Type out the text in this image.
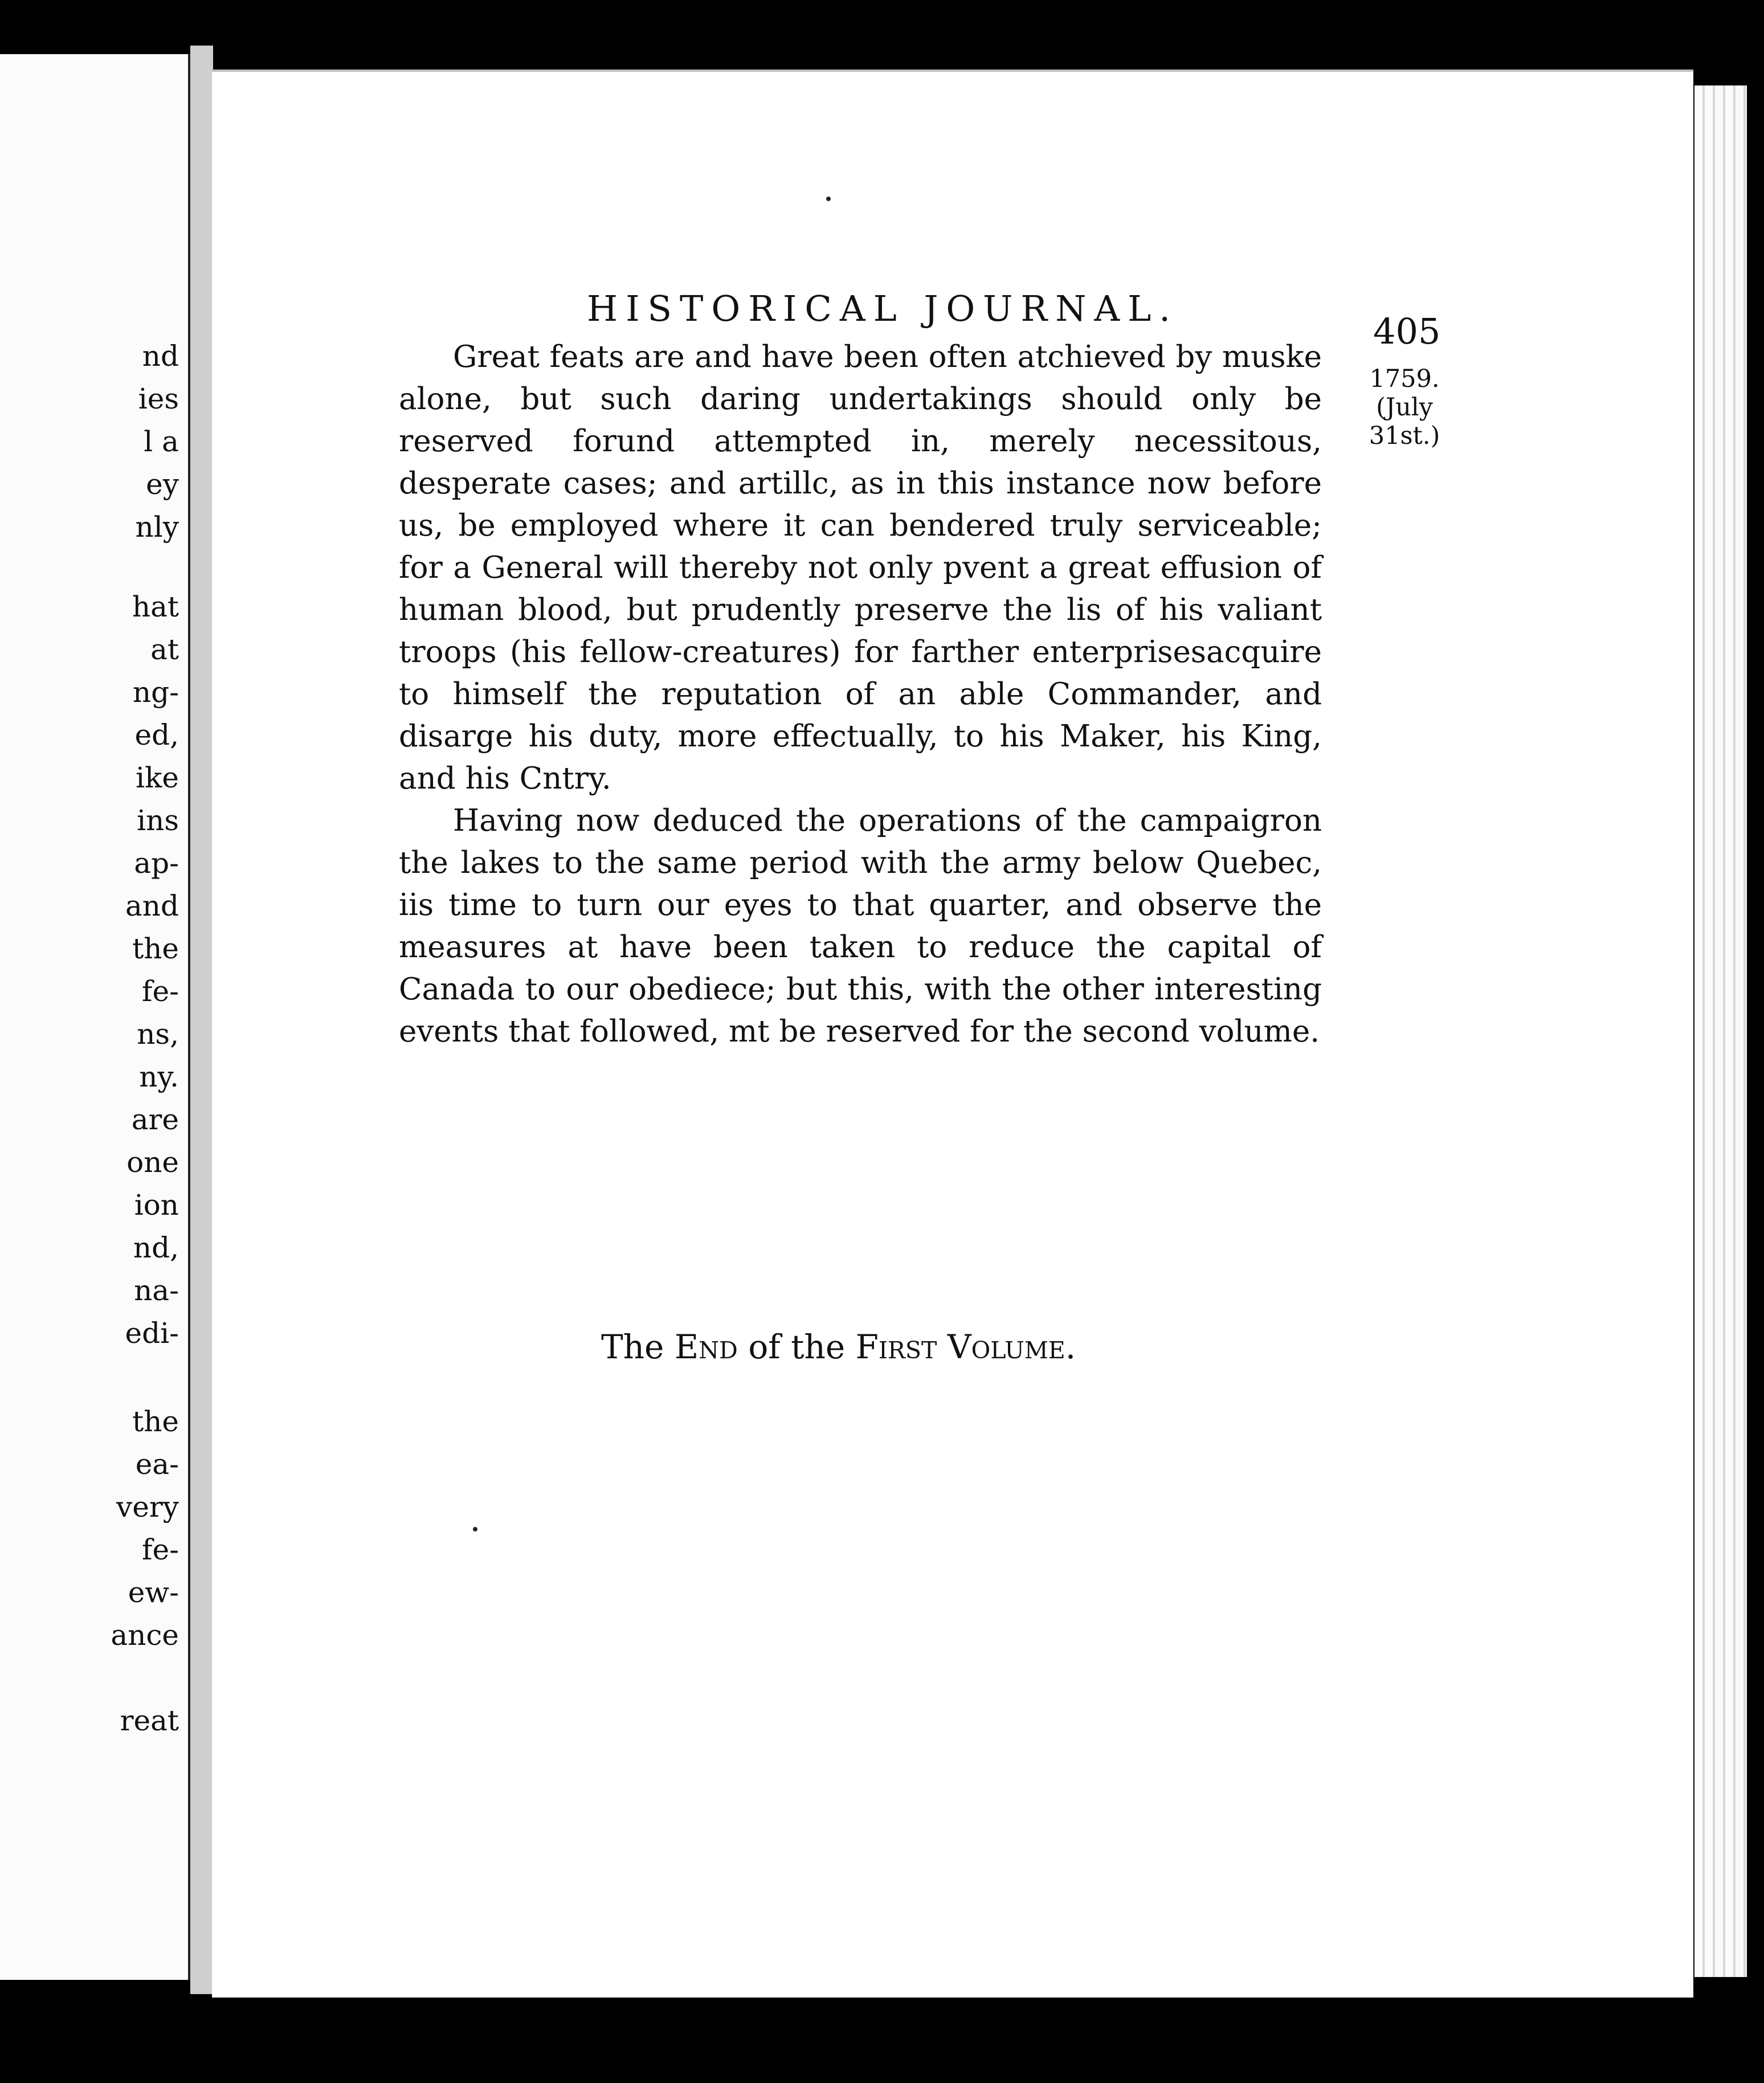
nd
ies
l a
ey
nly
hat
at
ng-
ed,
ike
ins
ap-
and
the
fe-
ns,
ny.
are
one
ion
nd,
na-
edi-
the
ea-
very
fe-
ew-
ance
reat
HISTORICAL JOURNAL.
405
1759.
(July
31st.)

Great feats are and have been often atchieved by muske alone, but such daring undertakings should only be reserved forund attempted in, merely necessitous, desperate cases; and artillc, as in this instance now before us, be employed where it can bendered truly serviceable; for a General will thereby not only pvent a great effusion of human blood, but prudently preserve the lis of his valiant troops (his fellow-creatures) for farther enterprisesacquire to himself the reputation of an able Commander, and disarge his duty, more effectually, to his Maker, his King, and his Cntry.

Having now deduced the operations of the campaigron the lakes to the same period with the army below Quebec, iis time to turn our eyes to that quarter, and observe the measures at have been taken to reduce the capital of Canada to our obediece; but this, with the other interesting events that followed, mt be reserved for the second volume.

The End of the First Volume.
